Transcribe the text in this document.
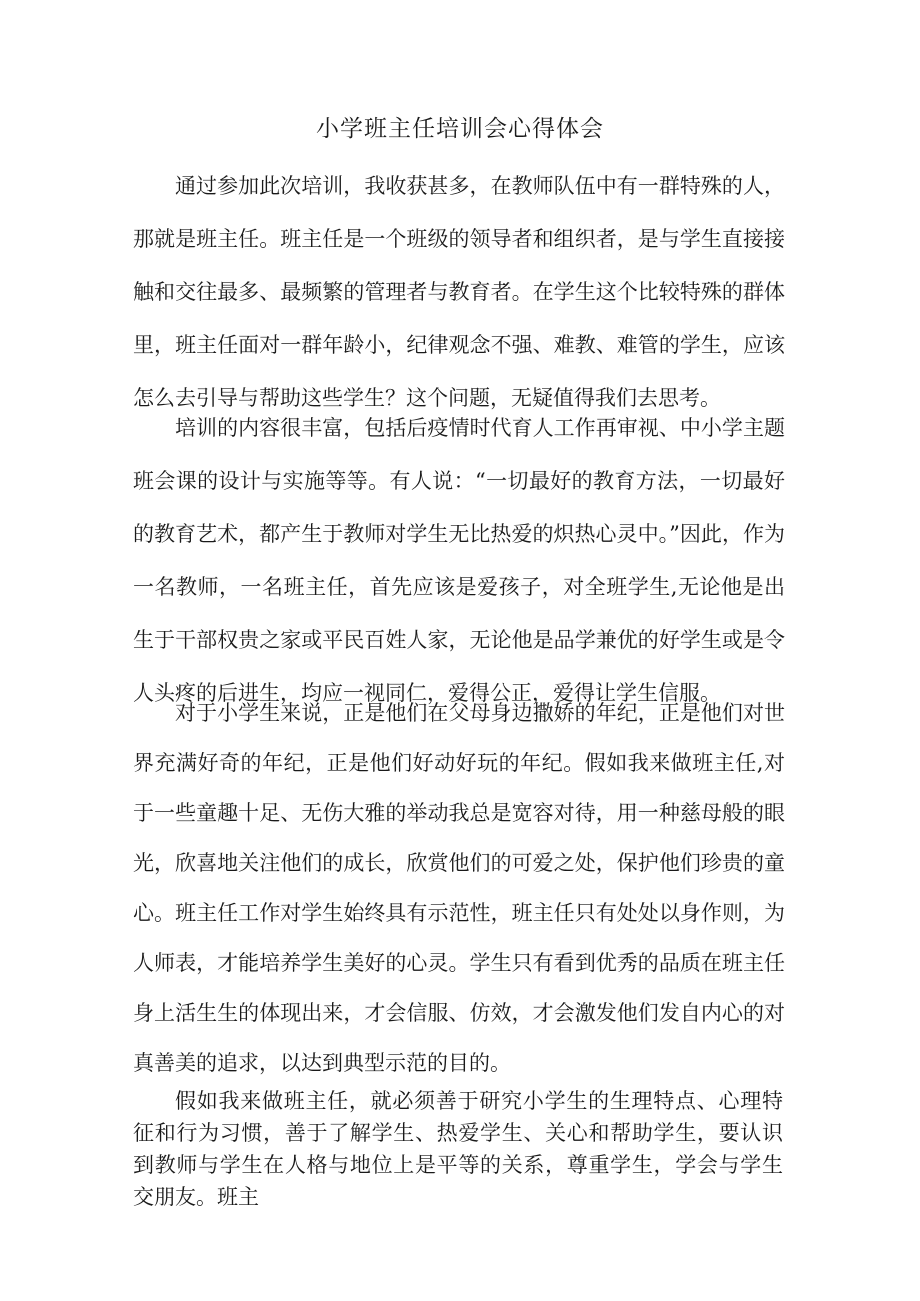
小学班主任培训会心得体会

通过参加此次培训，我收获甚多，在教师队伍中有一群特殊的人，那就是班主任。班主任是一个班级的领导者和组织者，是与学生直接接触和交往最多、最频繁的管理者与教育者。在学生这个比较特殊的群体里，班主任面对一群年龄小，纪律观念不强、难教、难管的学生，应该怎么去引导与帮助这些学生？这个问题，无疑值得我们去思考。

培训的内容很丰富，包括后疫情时代育人工作再审视、中小学主题班会课的设计与实施等等。有人说：“一切最好的教育方法，一切最好的教育艺术，都产生于教师对学生无比热爱的炽热心灵中。”因此，作为一名教师，一名班主任，首先应该是爱孩子，对全班学生,无论他是出生于干部权贵之家或平民百姓人家，无论他是品学兼优的好学生或是令人头疼的后进生，均应一视同仁，爱得公正，爱得让学生信服。

对于小学生来说，正是他们在父母身边撒娇的年纪，正是他们对世界充满好奇的年纪，正是他们好动好玩的年纪。假如我来做班主任,对于一些童趣十足、无伤大雅的举动我总是宽容对待，用一种慈母般的眼光，欣喜地关注他们的成长，欣赏他们的可爱之处，保护他们珍贵的童心。班主任工作对学生始终具有示范性，班主任只有处处以身作则，为人师表，才能培养学生美好的心灵。学生只有看到优秀的品质在班主任身上活生生的体现出来，才会信服、仿效，才会激发他们发自内心的对真善美的追求，以达到典型示范的目的。

假如我来做班主任，就必须善于研究小学生的生理特点、心理特征和行为习惯，善于了解学生、热爱学生、关心和帮助学生，要认识到教师与学生在人格与地位上是平等的关系，尊重学生，学会与学生交朋友。班主
